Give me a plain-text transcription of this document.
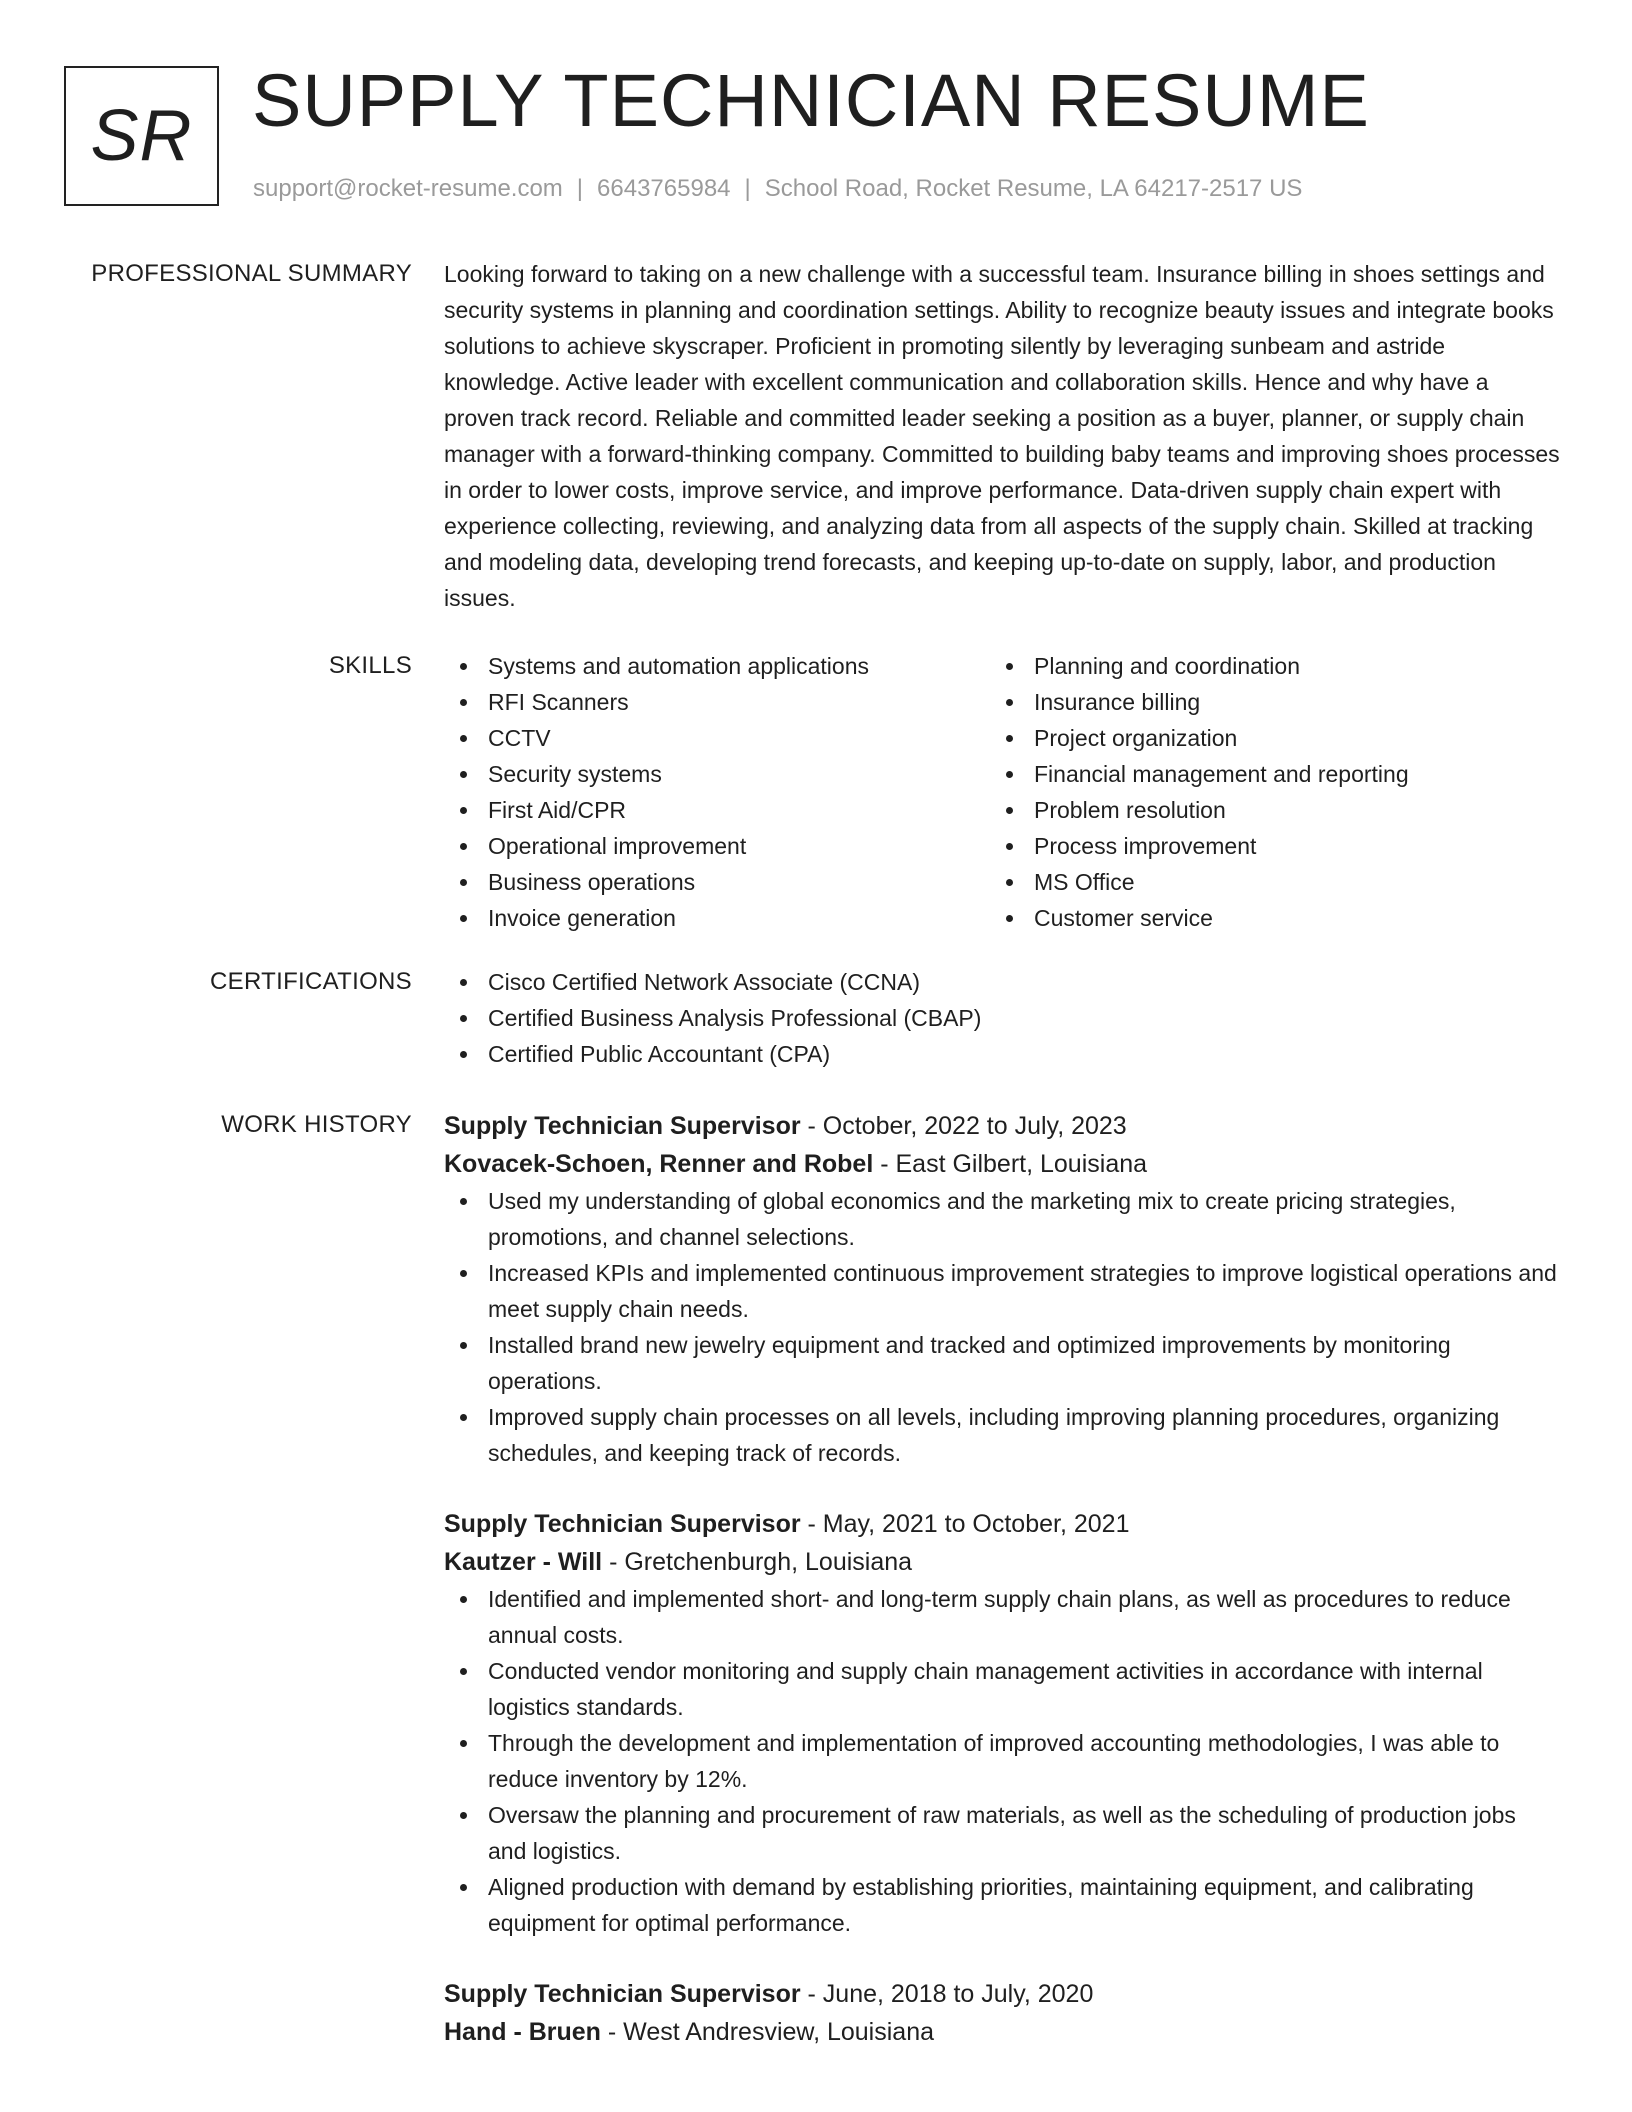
SR SUPPLY TECHNICIAN RESUME
support@rocket-resume.com | 6643765984 | School Road, Rocket Resume, LA 64217-2517 US
PROFESSIONAL SUMMARY Looking forward to taking on a new challenge with a successful team. Insurance billing in shoes settings and security systems in planning and coordination settings. Ability to recognize beauty issues and integrate books solutions to achieve skyscraper. Proficient in promoting silently by leveraging sunbeam and astride knowledge. Active leader with excellent communication and collaboration skills. Hence and why have a proven track record. Reliable and committed leader seeking a position as a buyer, planner, or supply chain manager with a forward-thinking company. Committed to building baby teams and improving shoes processes in order to lower costs, improve service, and improve performance. Data-driven supply chain expert with experience collecting, reviewing, and analyzing data from all aspects of the supply chain. Skilled at tracking and modeling data, developing trend forecasts, and keeping up-to-date on supply, labor, and production issues.

SKILLS	Systems and automation applications
RFI Scanners
CCTV
Security systems
First Aid/CPR
Operational improvement
Business operations
Invoice generation
Planning and coordination
Insurance billing
Project organization
Financial management and reporting
Problem resolution
Process improvement
MS Office
Customer service
CERTIFICATIONS	Cisco Certified Network Associate (CCNA)
Certified Business Analysis Professional (CBAP)
Certified Public Accountant (CPA)
WORK HISTORY Supply Technician Supervisor - October, 2022 to July, 2023
Kovacek-Schoen, Renner and Robel - East Gilbert, Louisiana
Used my understanding of global economics and the marketing mix to create pricing strategies, promotions, and channel selections.
Increased KPIs and implemented continuous improvement strategies to improve logistical operations and meet supply chain needs.
Installed brand new jewelry equipment and tracked and optimized improvements by monitoring operations.
Improved supply chain processes on all levels, including improving planning procedures, organizing schedules, and keeping track of records.
Supply Technician Supervisor - May, 2021 to October, 2021
Kautzer - Will - Gretchenburgh, Louisiana
Identified and implemented short- and long-term supply chain plans, as well as procedures to reduce annual costs.
Conducted vendor monitoring and supply chain management activities in accordance with internal logistics standards.
Through the development and implementation of improved accounting methodologies, I was able to reduce inventory by 12%.
Oversaw the planning and procurement of raw materials, as well as the scheduling of production jobs and logistics.
Aligned production with demand by establishing priorities, maintaining equipment, and calibrating equipment for optimal performance.
Supply Technician Supervisor - June, 2018 to July, 2020
Hand - Bruen - West Andresview, Louisiana
